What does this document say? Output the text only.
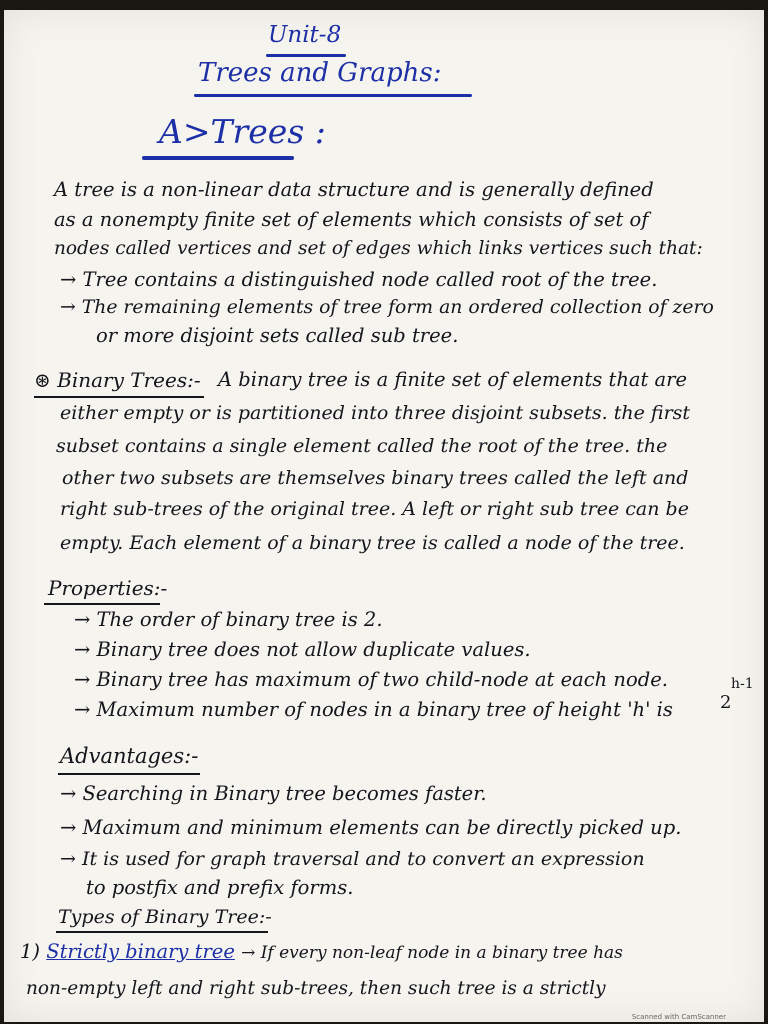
Unit-8
Trees and Graphs:
A>Trees :
A tree is a non-linear data structure and is generally defined
as a nonempty finite set of elements which consists of set of
nodes called vertices and set of edges which links vertices such that:
→ Tree contains a distinguished node called root of the tree.
→ The remaining elements of tree form an ordered collection of zero
or more disjoint sets called sub tree.
⊛ Binary Trees:- A binary tree is a finite set of elements that are
either empty or is partitioned into three disjoint subsets. the first
subset contains a single element called the root of the tree. the
other two subsets are themselves binary trees called the left and
right sub-trees of the original tree. A left or right sub tree can be
empty. Each element of a binary tree is called a node of the tree.
Properties:-
→ The order of binary tree is 2.
→ Binary tree does not allow duplicate values.
→ Binary tree has maximum of two child-node at each node.
→ Maximum number of nodes in a binary tree of height 'h' is	2
h-1
Advantages:-
→ Searching in Binary tree becomes faster.
→ Maximum and minimum elements can be directly picked up.
→ It is used for graph traversal and to convert an expression
to postfix and prefix forms.
Types of Binary Tree:-
1) Strictly binary tree → If every non-leaf node in a binary tree has
non-empty left and right sub-trees, then such tree is a strictly
Scanned with CamScanner
